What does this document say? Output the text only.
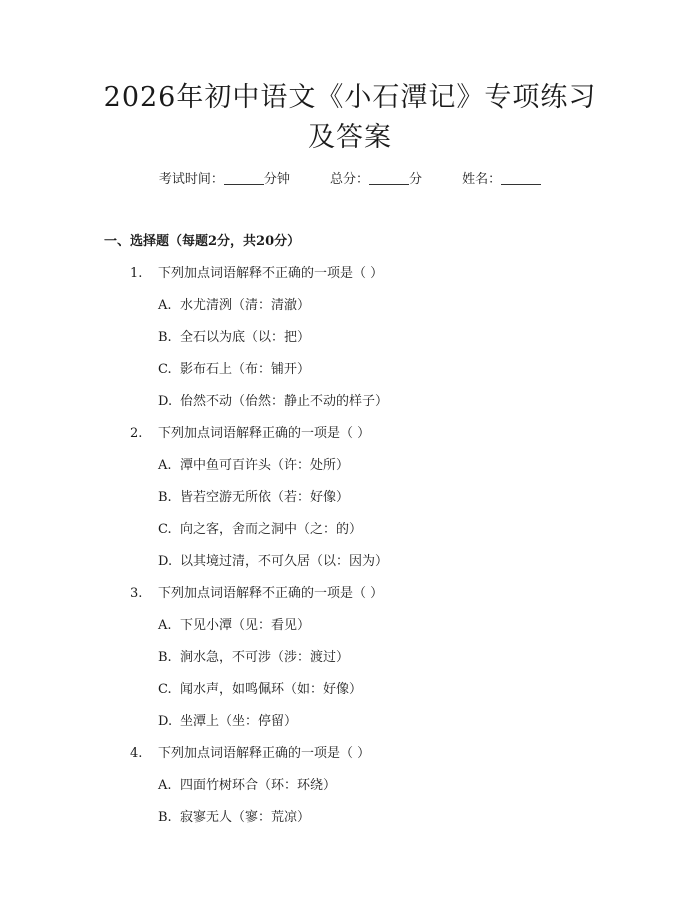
2026年初中语文《小石潭记》专项练习及答案
考试时间：	分钟	总分：	分	姓名：
一、选择题（每题2分，共20分）
1. 下列加点词语解释不正确的一项是（ ）
A. 水尤清洌（清：清澈）
B. 全石以为底（以：把）
C. 影布石上（布：铺开）
D. 佁然不动（佁然：静止不动的样子）
2. 下列加点词语解释正确的一项是（ ）
A. 潭中鱼可百许头（许：处所）
B. 皆若空游无所依（若：好像）
C. 向之客，舍而之洞中（之：的）
D. 以其境过清，不可久居（以：因为）
3. 下列加点词语解释不正确的一项是（ ）
A. 下见小潭（见：看见）
B. 涧水急，不可涉（涉：渡过）
C. 闻水声，如鸣佩环（如：好像）
D. 坐潭上（坐：停留）
4. 下列加点词语解释正确的一项是（ ）
A. 四面竹树环合（环：环绕）
B. 寂寥无人（寥：荒凉）
